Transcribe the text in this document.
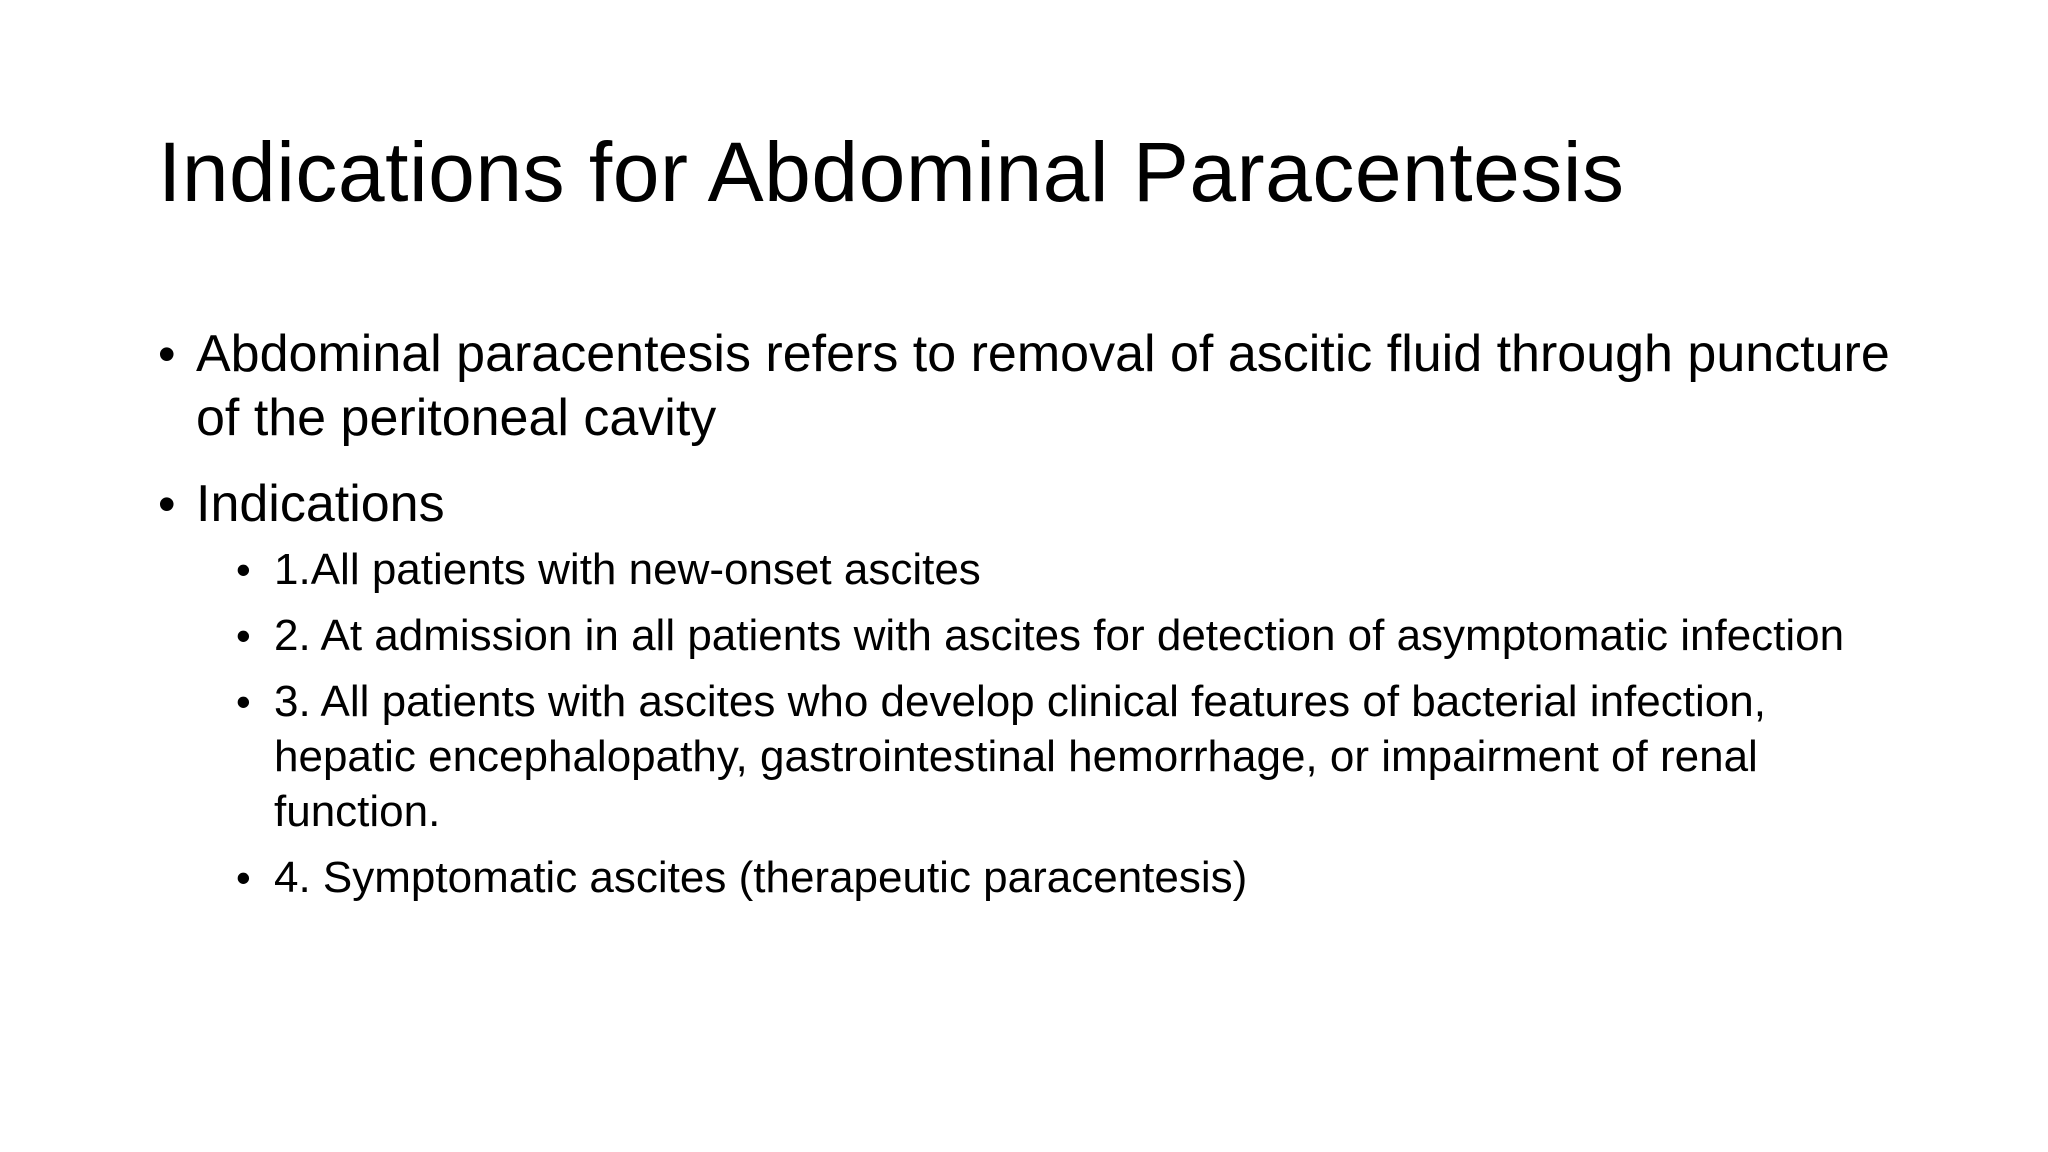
Indications for Abdominal Paracentesis

• Abdominal paracentesis refers to removal of ascitic fluid through puncture of the peritoneal cavity

• Indications

• 1.All patients with new-onset ascites

• 2. At admission in all patients with ascites for detection of asymptomatic infection

• 3. All patients with ascites who develop clinical features of bacterial infection, hepatic encephalopathy, gastrointestinal hemorrhage, or impairment of renal function.

• 4. Symptomatic ascites (therapeutic paracentesis)
